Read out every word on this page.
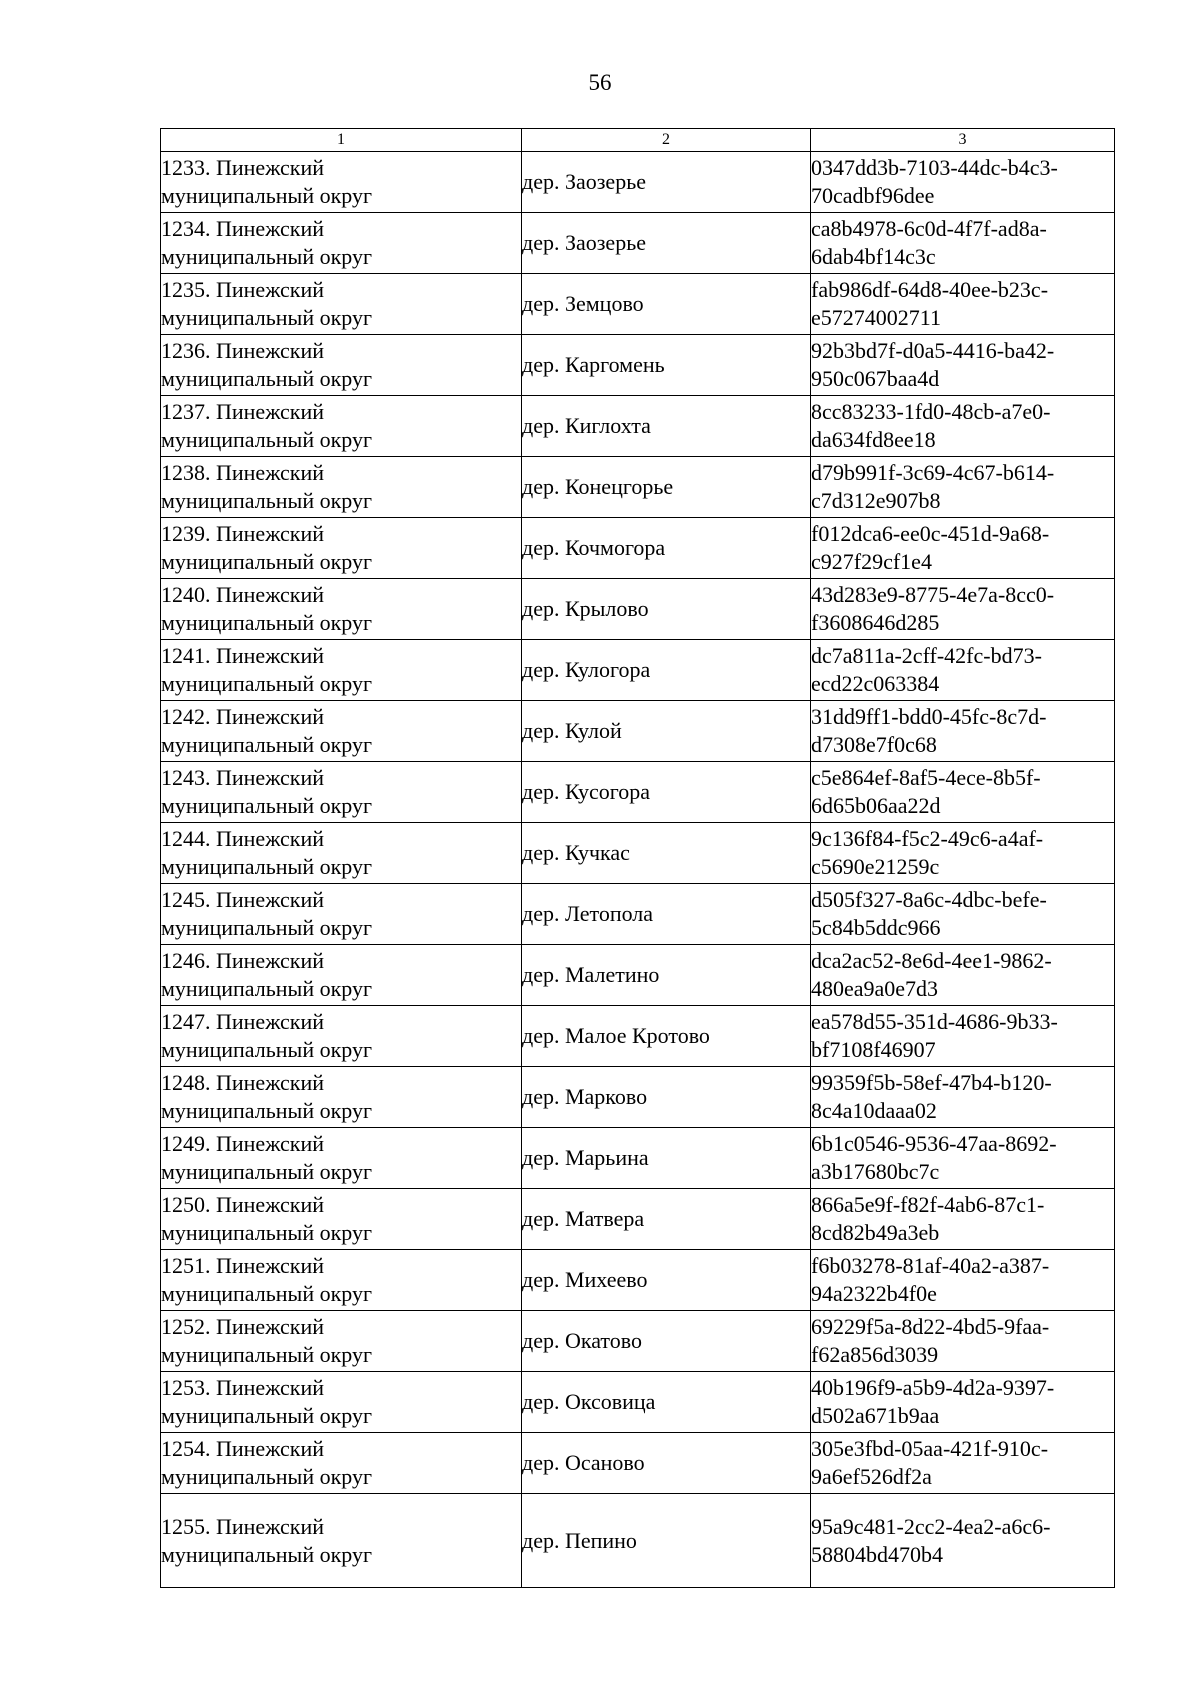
56
1	2	3

1233. Пинежский
муниципальный округ	дер. Заозерье	0347dd3b-7103-44dc-b4c3-
70cadbf96dee

1234. Пинежский
муниципальный округ	дер. Заозерье	ca8b4978-6c0d-4f7f-ad8a-
6dab4bf14c3c

1235. Пинежский
муниципальный округ	дер. Земцово	fab986df-64d8-40ee-b23c-
e57274002711

1236. Пинежский
муниципальный округ	дер. Каргомень	92b3bd7f-d0a5-4416-ba42-
950c067baa4d

1237. Пинежский
муниципальный округ	дер. Киглохта	8cc83233-1fd0-48cb-a7e0-
da634fd8ee18

1238. Пинежский
муниципальный округ	дер. Конецгорье	d79b991f-3c69-4c67-b614-
c7d312e907b8

1239. Пинежский
муниципальный округ	дер. Кочмогора	f012dca6-ee0c-451d-9a68-
c927f29cf1e4

1240. Пинежский
муниципальный округ	дер. Крылово	43d283e9-8775-4e7a-8cc0-
f3608646d285

1241. Пинежский
муниципальный округ	дер. Кулогора	dc7a811a-2cff-42fc-bd73-
ecd22c063384

1242. Пинежский
муниципальный округ	дер. Кулой	31dd9ff1-bdd0-45fc-8c7d-
d7308e7f0c68

1243. Пинежский
муниципальный округ	дер. Кусогора	c5e864ef-8af5-4ece-8b5f-
6d65b06aa22d

1244. Пинежский
муниципальный округ	дер. Кучкас	9c136f84-f5c2-49c6-a4af-
c5690e21259c

1245. Пинежский
муниципальный округ	дер. Летопола	d505f327-8a6c-4dbc-befe-
5c84b5ddc966

1246. Пинежский
муниципальный округ	дер. Малетино	dca2ac52-8e6d-4ee1-9862-
480ea9a0e7d3

1247. Пинежский
муниципальный округ	дер. Малое Кротово	ea578d55-351d-4686-9b33-
bf7108f46907

1248. Пинежский
муниципальный округ	дер. Марково	99359f5b-58ef-47b4-b120-
8c4a10daaa02

1249. Пинежский
муниципальный округ	дер. Марьина	6b1c0546-9536-47aa-8692-
a3b17680bc7c

1250. Пинежский
муниципальный округ	дер. Матвера	866a5e9f-f82f-4ab6-87c1-
8cd82b49a3eb

1251. Пинежский
муниципальный округ	дер. Михеево	f6b03278-81af-40a2-a387-
94a2322b4f0e

1252. Пинежский
муниципальный округ	дер. Окатово	69229f5a-8d22-4bd5-9faa-
f62a856d3039

1253. Пинежский
муниципальный округ	дер. Оксовица	40b196f9-a5b9-4d2a-9397-
d502a671b9aa

1254. Пинежский
муниципальный округ	дер. Осаново	305e3fbd-05aa-421f-910c-
9a6ef526df2a

1255. Пинежский
муниципальный округ	дер. Пепино	95a9c481-2cc2-4ea2-a6c6-
58804bd470b4
